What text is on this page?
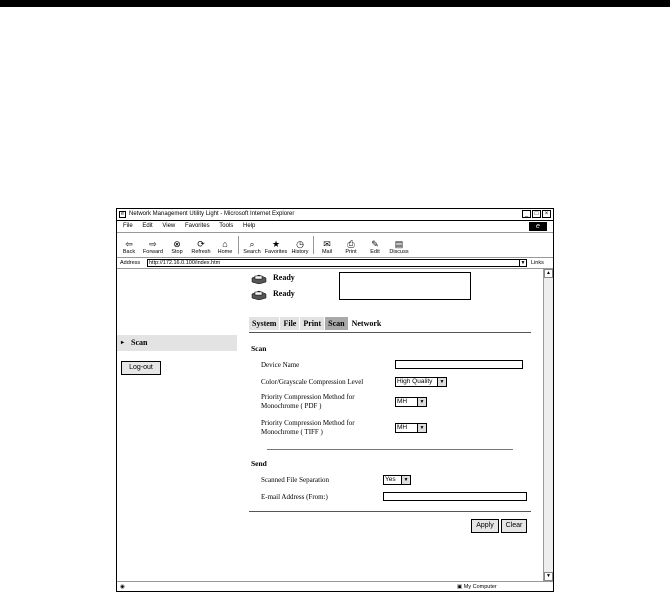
e Network Management Utility Light - Microsoft Internet Explorer	_	□	×
File Edit View Favorites Tools Help	e
⇦
Back
⇨
Forward
⊗
Stop
⟳
Refresh
⌂
Home
⌕
Search
★
Favorites
◷
History
✉
Mail
⎙
Print
✎
Edit
▤
Discuss
Address	http://172.16.0.100/index.htm	▼ Links
▸ Scan
Log-out
Ready
Ready
System File Print Scan Network
Scan
Device Name
Color/Grayscale Compression Level	High Quality	▼
Priority Compression Method for
Monochrome ( PDF )
MH	▼
Priority Compression Method for
Monochrome ( TIFF )
MH	▼
Send
Scanned File Separation	Yes	▼
E-mail Address (From:)
Apply	Clear
▲
▼
◉	▣ My Computer
